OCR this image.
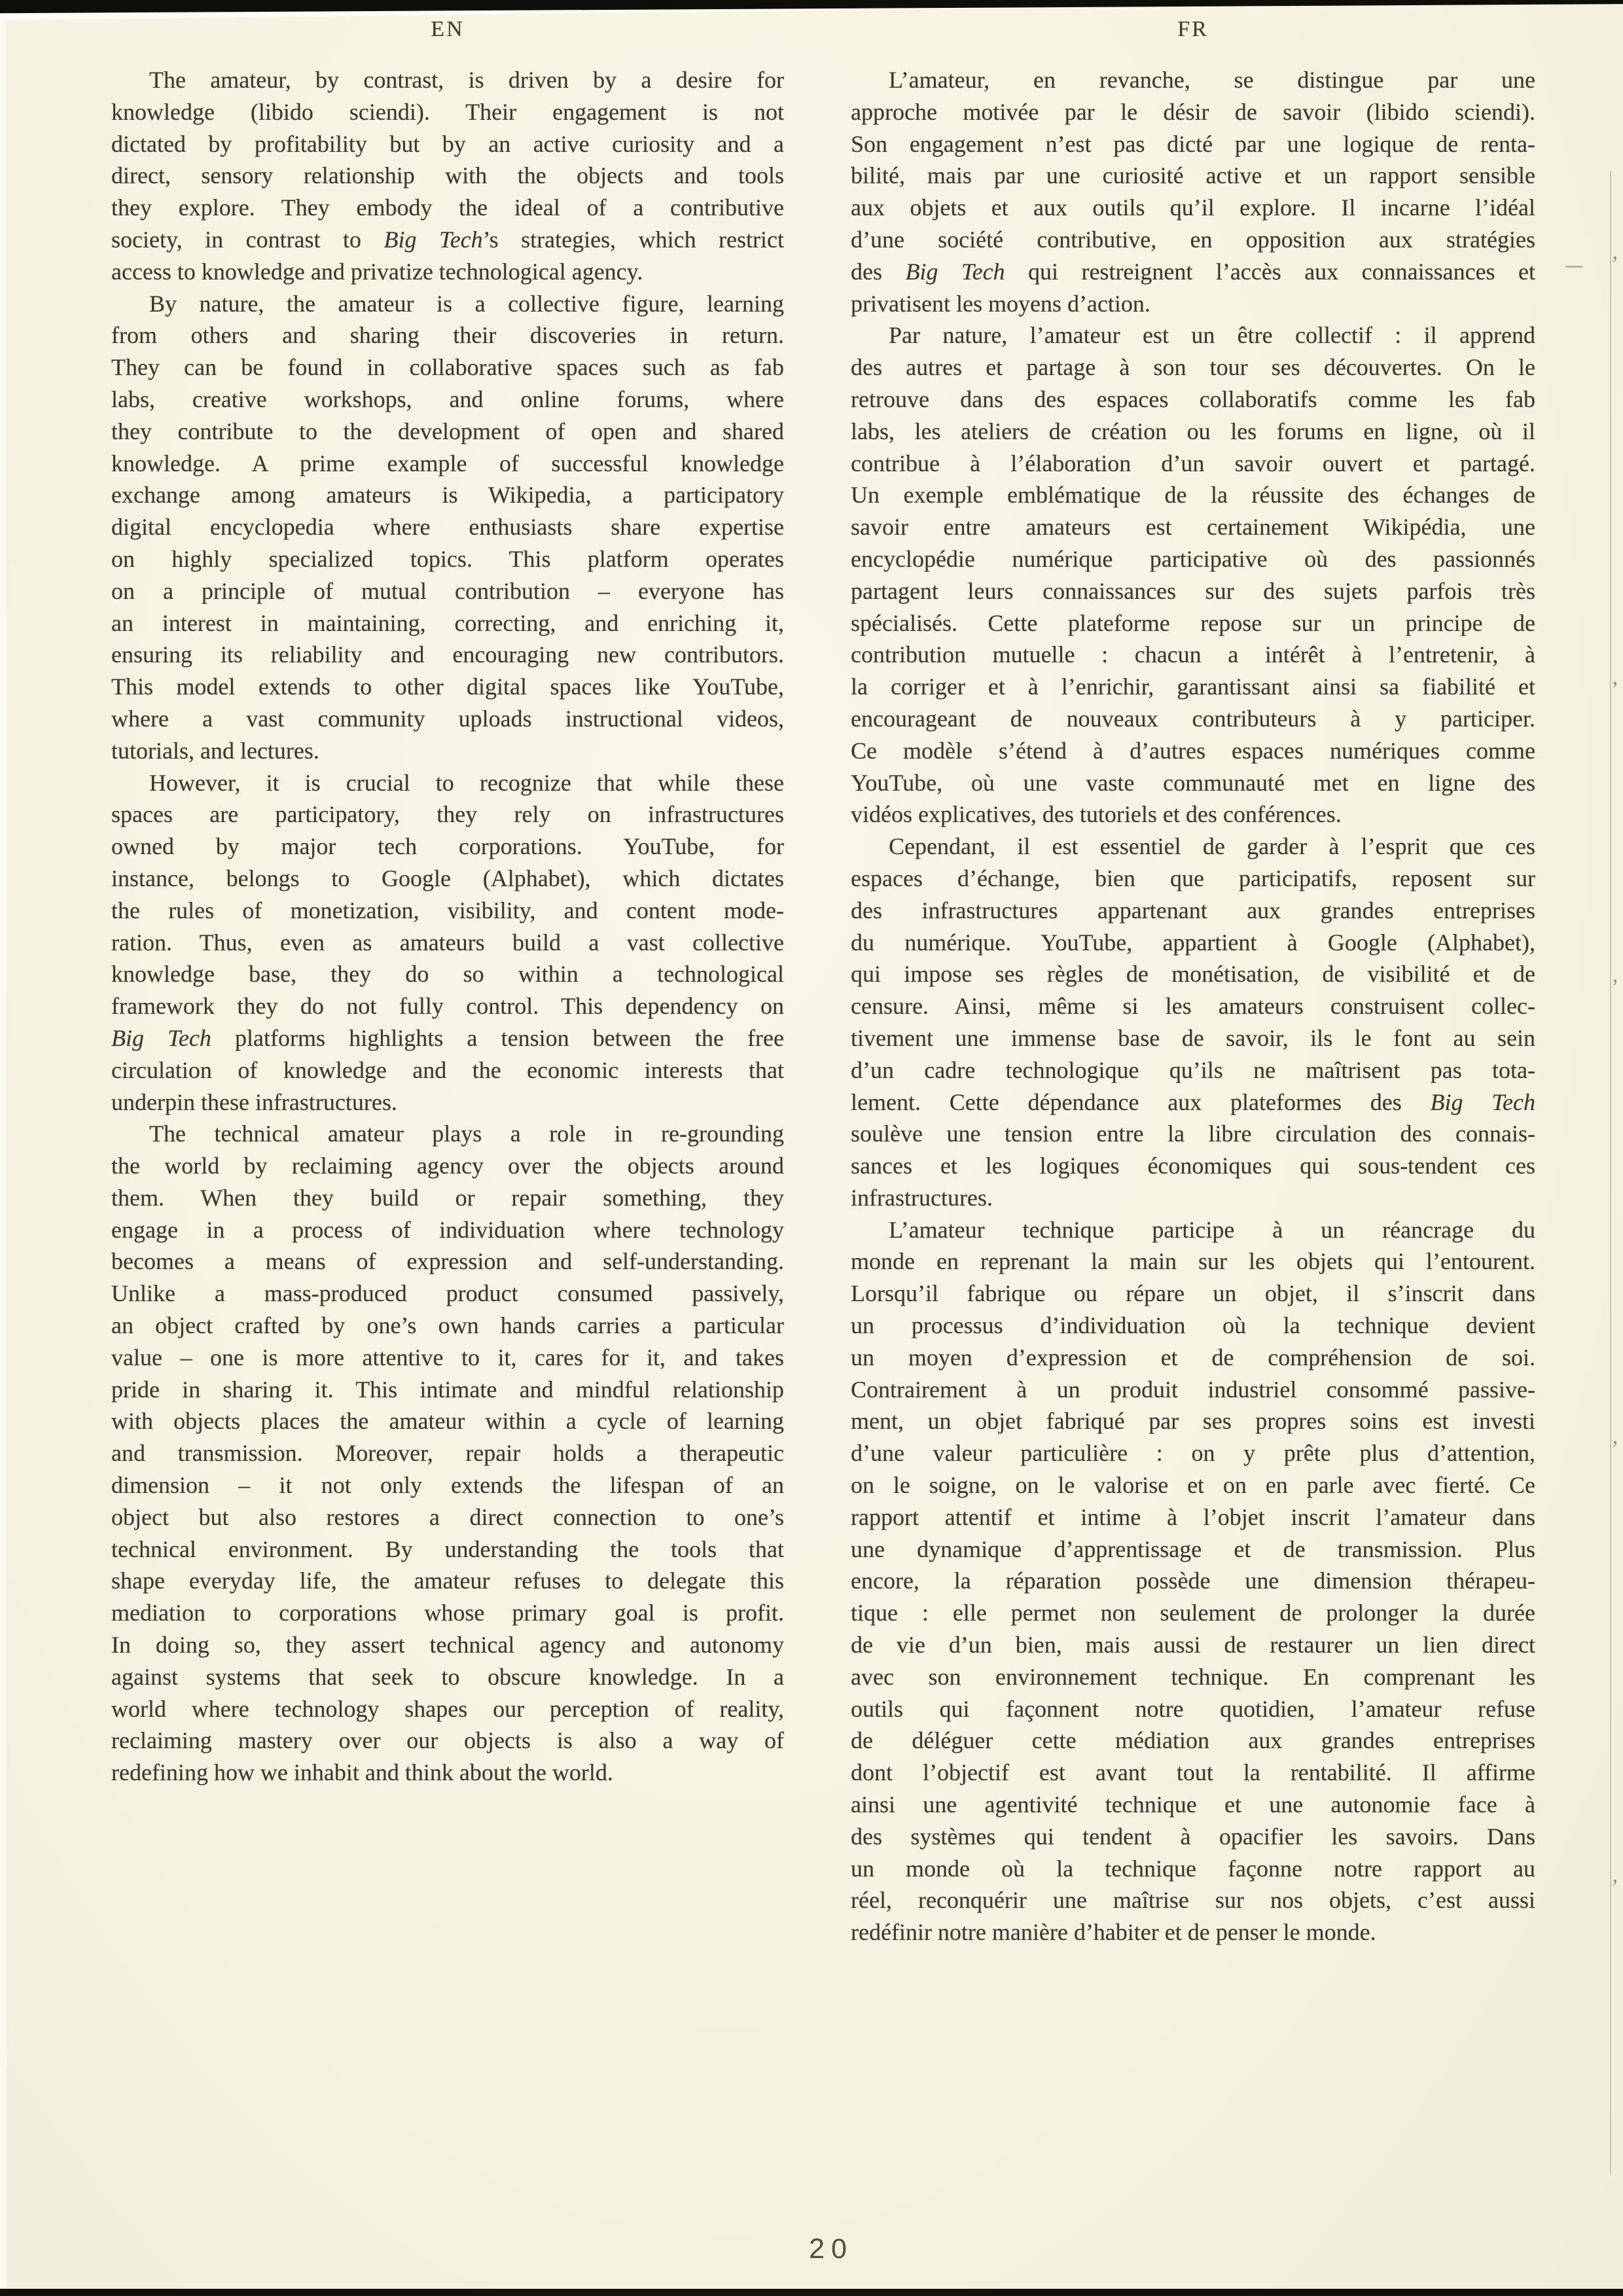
EN
The amateur, by contrast, is driven by a desire for
knowledge (libido sciendi). Their engagement is not
dictated by profitability but by an active curiosity and a
direct, sensory relationship with the objects and tools
they explore. They embody the ideal of a contributive
society, in contrast to Big Tech’s strategies, which restrict
access to knowledge and privatize technological agency.
By nature, the amateur is a collective figure, learning
from others and sharing their discoveries in return.
They can be found in collaborative spaces such as fab
labs, creative workshops, and online forums, where
they contribute to the development of open and shared
knowledge. A prime example of successful knowledge
exchange among amateurs is Wikipedia, a participatory
digital encyclopedia where enthusiasts share expertise
on highly specialized topics. This platform operates
on a principle of mutual contribution – everyone has
an interest in maintaining, correcting, and enriching it,
ensuring its reliability and encouraging new contributors.
This model extends to other digital spaces like YouTube,
where a vast community uploads instructional videos,
tutorials, and lectures.
However, it is crucial to recognize that while these
spaces are participatory, they rely on infrastructures
owned by major tech corporations. YouTube, for
instance, belongs to Google (Alphabet), which dictates
the rules of monetization, visibility, and content mode-
ration. Thus, even as amateurs build a vast collective
knowledge base, they do so within a technological
framework they do not fully control. This dependency on
Big Tech platforms highlights a tension between the free
circulation of knowledge and the economic interests that
underpin these infrastructures.
The technical amateur plays a role in re-grounding
the world by reclaiming agency over the objects around
them. When they build or repair something, they
engage in a process of individuation where technology
becomes a means of expression and self-understanding.
Unlike a mass-produced product consumed passively,
an object crafted by one’s own hands carries a particular
value – one is more attentive to it, cares for it, and takes
pride in sharing it. This intimate and mindful relationship
with objects places the amateur within a cycle of learning
and transmission. Moreover, repair holds a therapeutic
dimension – it not only extends the lifespan of an
object but also restores a direct connection to one’s
technical environment. By understanding the tools that
shape everyday life, the amateur refuses to delegate this
mediation to corporations whose primary goal is profit.
In doing so, they assert technical agency and autonomy
against systems that seek to obscure knowledge. In a
world where technology shapes our perception of reality,
reclaiming mastery over our objects is also a way of
redefining how we inhabit and think about the world.
FR
L’amateur, en revanche, se distingue par une
approche motivée par le désir de savoir (libido sciendi).
Son engagement n’est pas dicté par une logique de renta-
bilité, mais par une curiosité active et un rapport sensible
aux objets et aux outils qu’il explore. Il incarne l’idéal
d’une société contributive, en opposition aux stratégies
des Big Tech qui restreignent l’accès aux connaissances et
privatisent les moyens d’action.
Par nature, l’amateur est un être collectif : il apprend
des autres et partage à son tour ses découvertes. On le
retrouve dans des espaces collaboratifs comme les fab
labs, les ateliers de création ou les forums en ligne, où il
contribue à l’élaboration d’un savoir ouvert et partagé.
Un exemple emblématique de la réussite des échanges de
savoir entre amateurs est certainement Wikipédia, une
encyclopédie numérique participative où des passionnés
partagent leurs connaissances sur des sujets parfois très
spécialisés. Cette plateforme repose sur un principe de
contribution mutuelle : chacun a intérêt à l’entretenir, à
la corriger et à l’enrichir, garantissant ainsi sa fiabilité et
encourageant de nouveaux contributeurs à y participer.
Ce modèle s’étend à d’autres espaces numériques comme
YouTube, où une vaste communauté met en ligne des
vidéos explicatives, des tutoriels et des conférences.
Cependant, il est essentiel de garder à l’esprit que ces
espaces d’échange, bien que participatifs, reposent sur
des infrastructures appartenant aux grandes entreprises
du numérique. YouTube, appartient à Google (Alphabet),
qui impose ses règles de monétisation, de visibilité et de
censure. Ainsi, même si les amateurs construisent collec-
tivement une immense base de savoir, ils le font au sein
d’un cadre technologique qu’ils ne maîtrisent pas tota-
lement. Cette dépendance aux plateformes des Big Tech
soulève une tension entre la libre circulation des connais-
sances et les logiques économiques qui sous-tendent ces
infrastructures.
L’amateur technique participe à un réancrage du
monde en reprenant la main sur les objets qui l’entourent.
Lorsqu’il fabrique ou répare un objet, il s’inscrit dans
un processus d’individuation où la technique devient
un moyen d’expression et de compréhension de soi.
Contrairement à un produit industriel consommé passive-
ment, un objet fabriqué par ses propres soins est investi
d’une valeur particulière : on y prête plus d’attention,
on le soigne, on le valorise et on en parle avec fierté. Ce
rapport attentif et intime à l’objet inscrit l’amateur dans
une dynamique d’apprentissage et de transmission. Plus
encore, la réparation possède une dimension thérapeu-
tique : elle permet non seulement de prolonger la durée
de vie d’un bien, mais aussi de restaurer un lien direct
avec son environnement technique. En comprenant les
outils qui façonnent notre quotidien, l’amateur refuse
de déléguer cette médiation aux grandes entreprises
dont l’objectif est avant tout la rentabilité. Il affirme
ainsi une agentivité technique et une autonomie face à
des systèmes qui tendent à opacifier les savoirs. Dans
un monde où la technique façonne notre rapport au
réel, reconquérir une maîtrise sur nos objets, c’est aussi
redéfinir notre manière d’habiter et de penser le monde.
’
’
’
’
’
20
